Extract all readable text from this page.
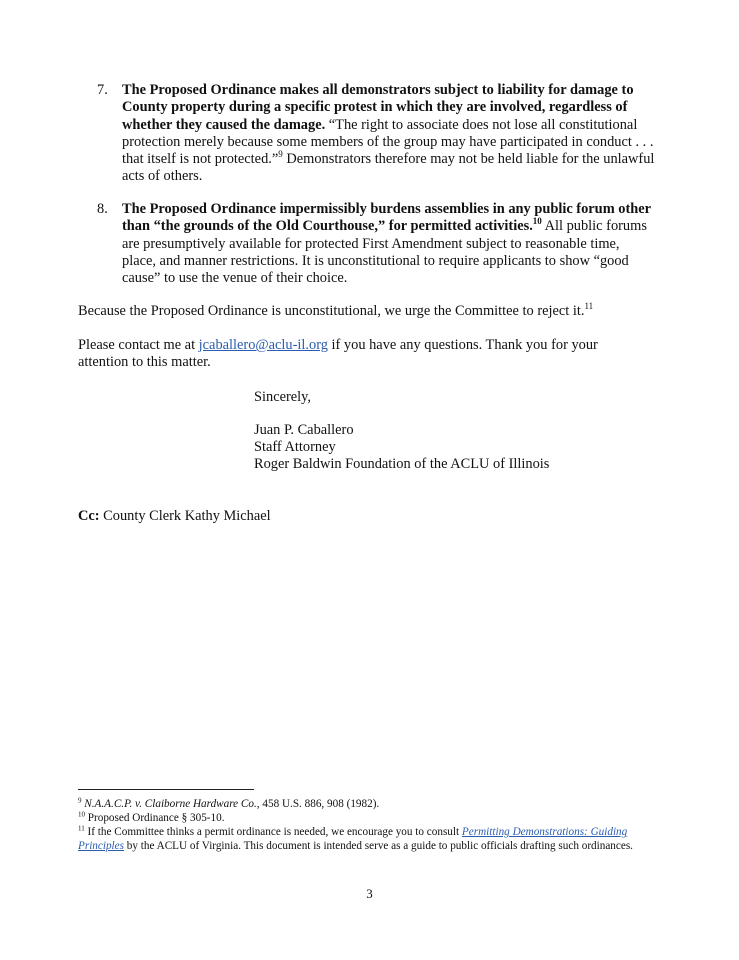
7. The Proposed Ordinance makes all demonstrators subject to liability for damage to County property during a specific protest in which they are involved, regardless of whether they caused the damage. “The right to associate does not lose all constitutional protection merely because some members of the group may have participated in conduct . . . that itself is not protected.”$^9$ Demonstrators therefore may not be held liable for the unlawful acts of others.
8. The Proposed Ordinance impermissibly burdens assemblies in any public forum other than “the grounds of the Old Courthouse,” for permitted activities.$^{10}$ All public forums are presumptively available for protected First Amendment subject to reasonable time, place, and manner restrictions. It is unconstitutional to require applicants to show “good cause” to use the venue of their choice.
Because the Proposed Ordinance is unconstitutional, we urge the Committee to reject it.$^{11}$
Please contact me at jcaballero@aclu-il.org if you have any questions. Thank you for your attention to this matter.
Sincerely,
Juan P. Caballero
Staff Attorney
Roger Baldwin Foundation of the ACLU of Illinois
Cc: County Clerk Kathy Michael

$^9$ N.A.A.C.P. v. Claiborne Hardware Co., 458 U.S. 886, 908 (1982).

$^{10}$ Proposed Ordinance § 305-10.

$^{11}$ If the Committee thinks a permit ordinance is needed, we encourage you to consult Permitting Demonstrations: Guiding Principles by the ACLU of Virginia. This document is intended serve as a guide to public officials drafting such ordinances.

3
